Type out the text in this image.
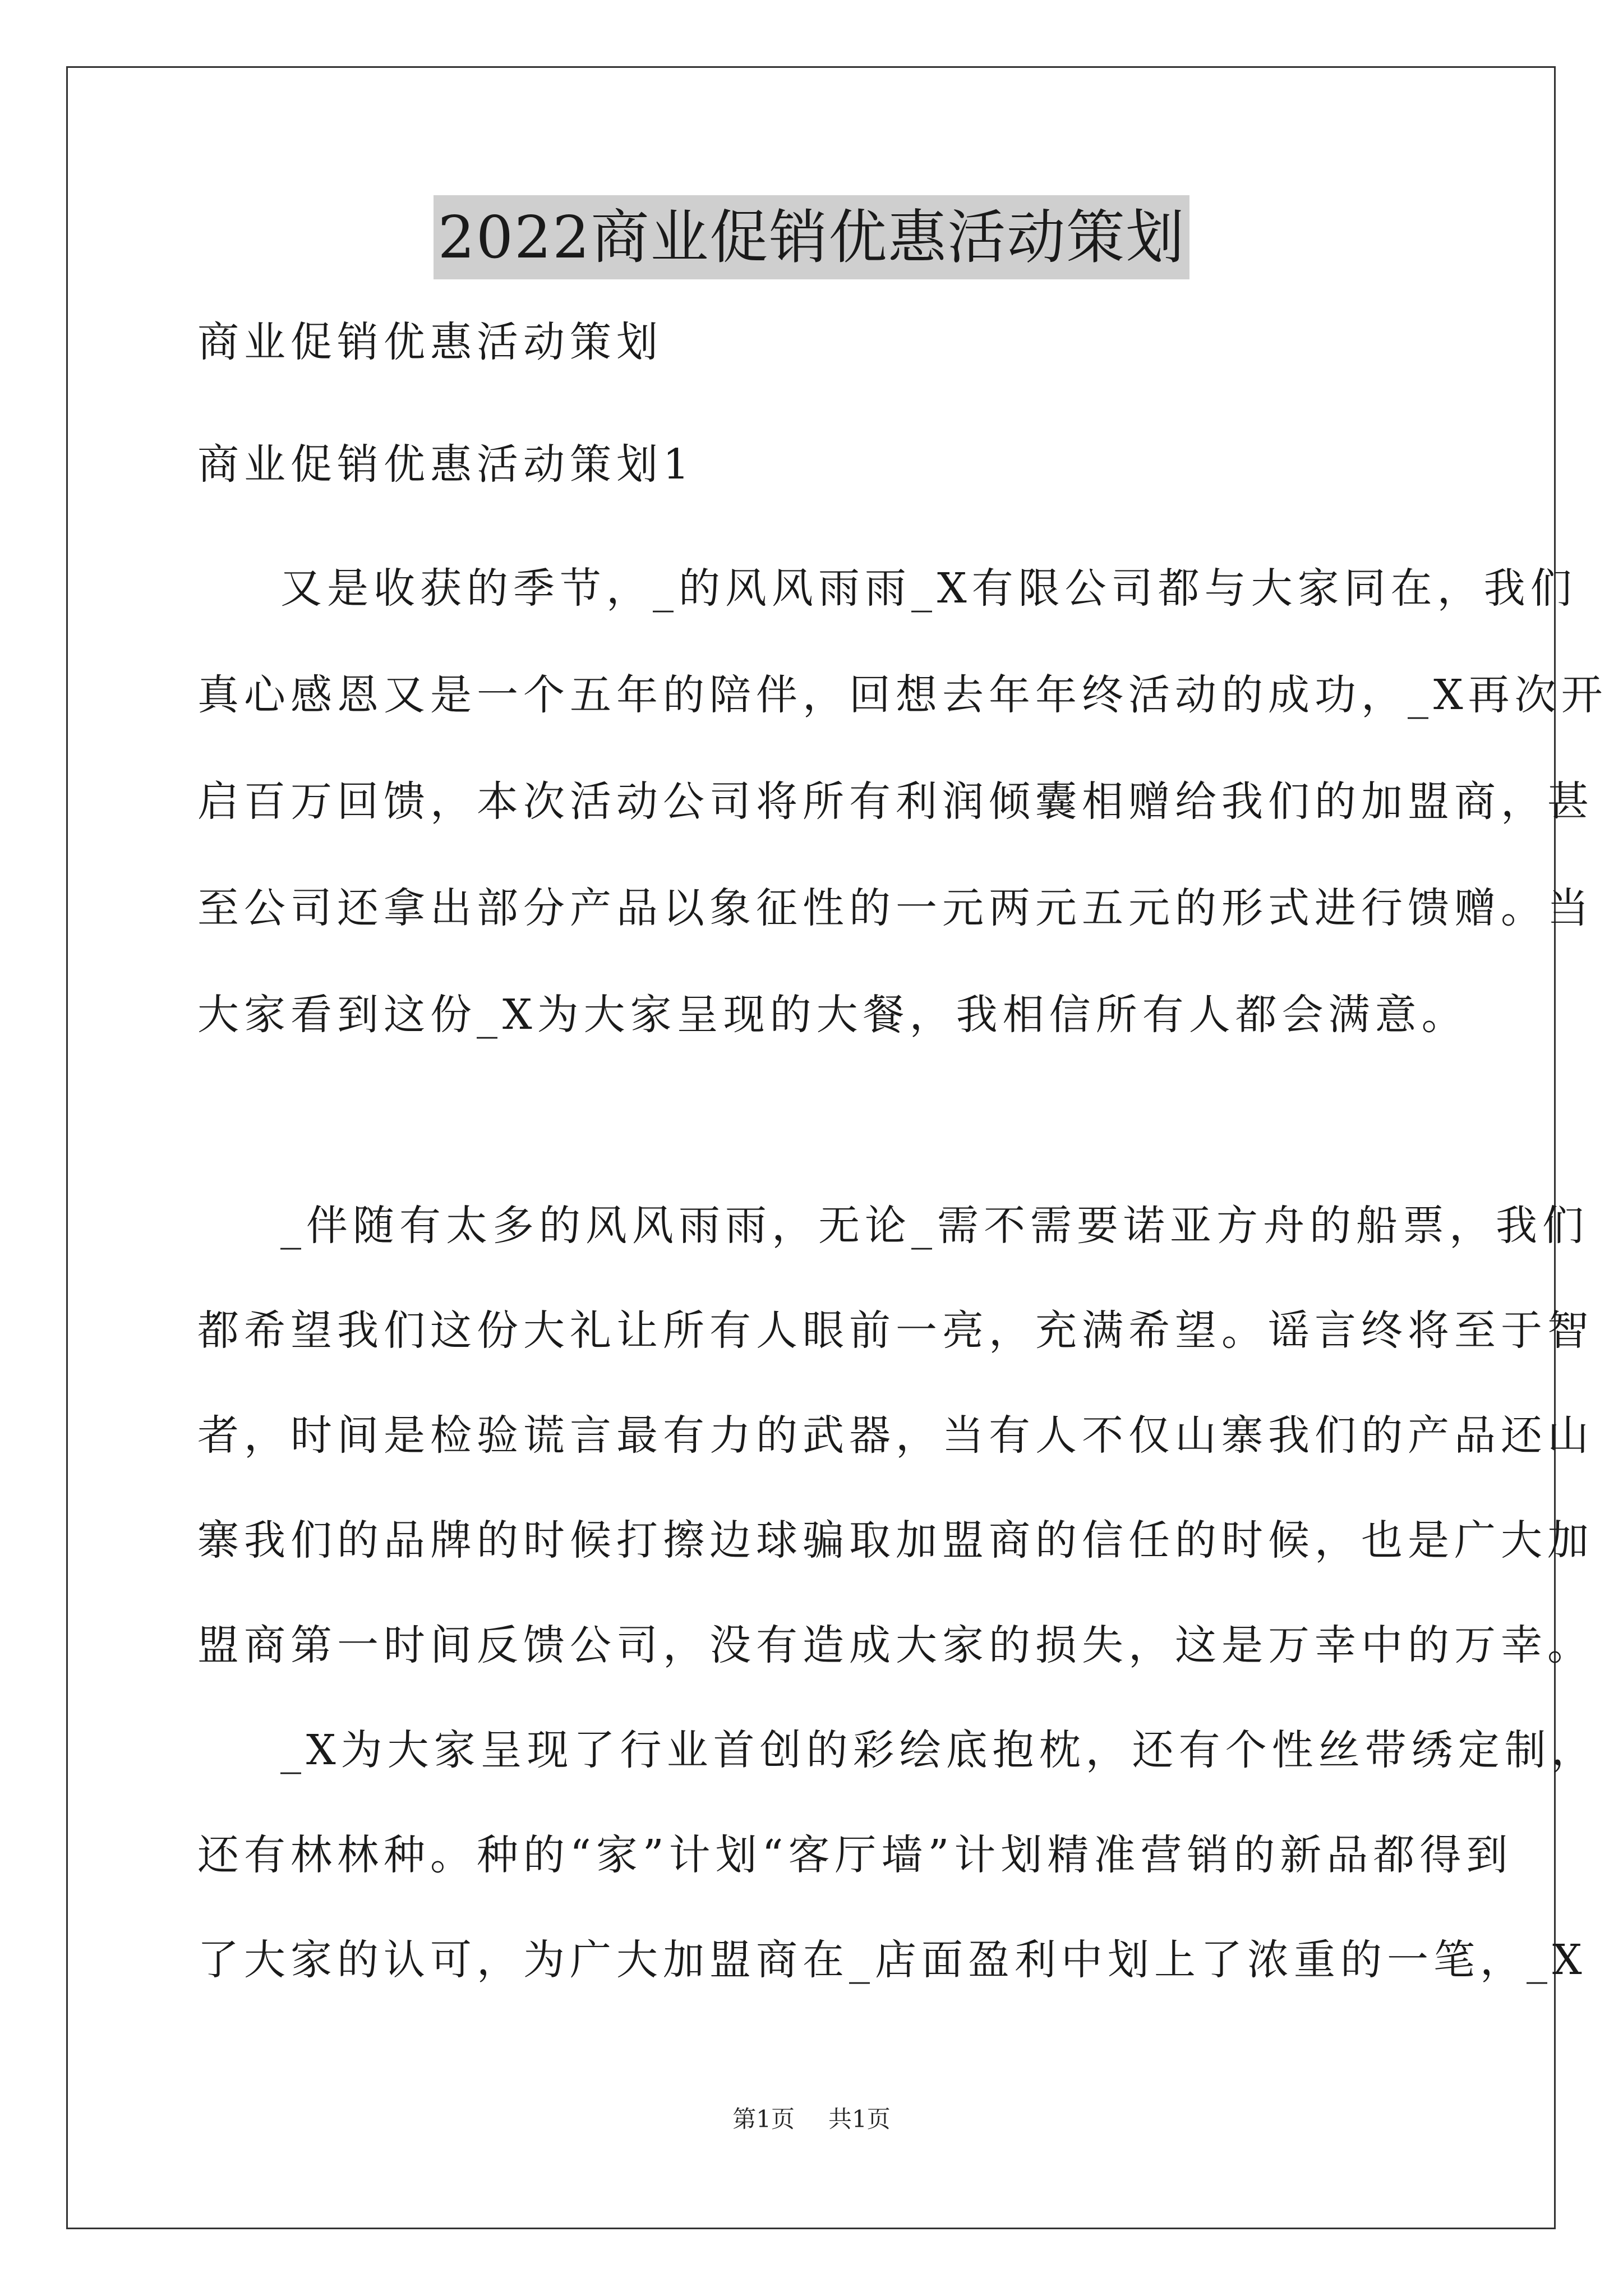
2022商业促销优惠活动策划
商业促销优惠活动策划
商业促销优惠活动策划1
又是收获的季节，_的风风雨雨_X有限公司都与大家同在，我们
真心感恩又是一个五年的陪伴，回想去年年终活动的成功，_X再次开
启百万回馈，本次活动公司将所有利润倾囊相赠给我们的加盟商，甚
至公司还拿出部分产品以象征性的一元两元五元的形式进行馈赠。当
大家看到这份_X为大家呈现的大餐，我相信所有人都会满意。
_伴随有太多的风风雨雨，无论_需不需要诺亚方舟的船票，我们
都希望我们这份大礼让所有人眼前一亮，充满希望。谣言终将至于智
者，时间是检验谎言最有力的武器，当有人不仅山寨我们的产品还山
寨我们的品牌的时候打擦边球骗取加盟商的信任的时候，也是广大加
盟商第一时间反馈公司，没有造成大家的损失，这是万幸中的万幸。
_X为大家呈现了行业首创的彩绘底抱枕，还有个性丝带绣定制，
还有林林种。种的“家”计划“客厅墙”计划精准营销的新品都得到
了大家的认可，为广大加盟商在_店面盈利中划上了浓重的一笔，_X
第1页 共1页
